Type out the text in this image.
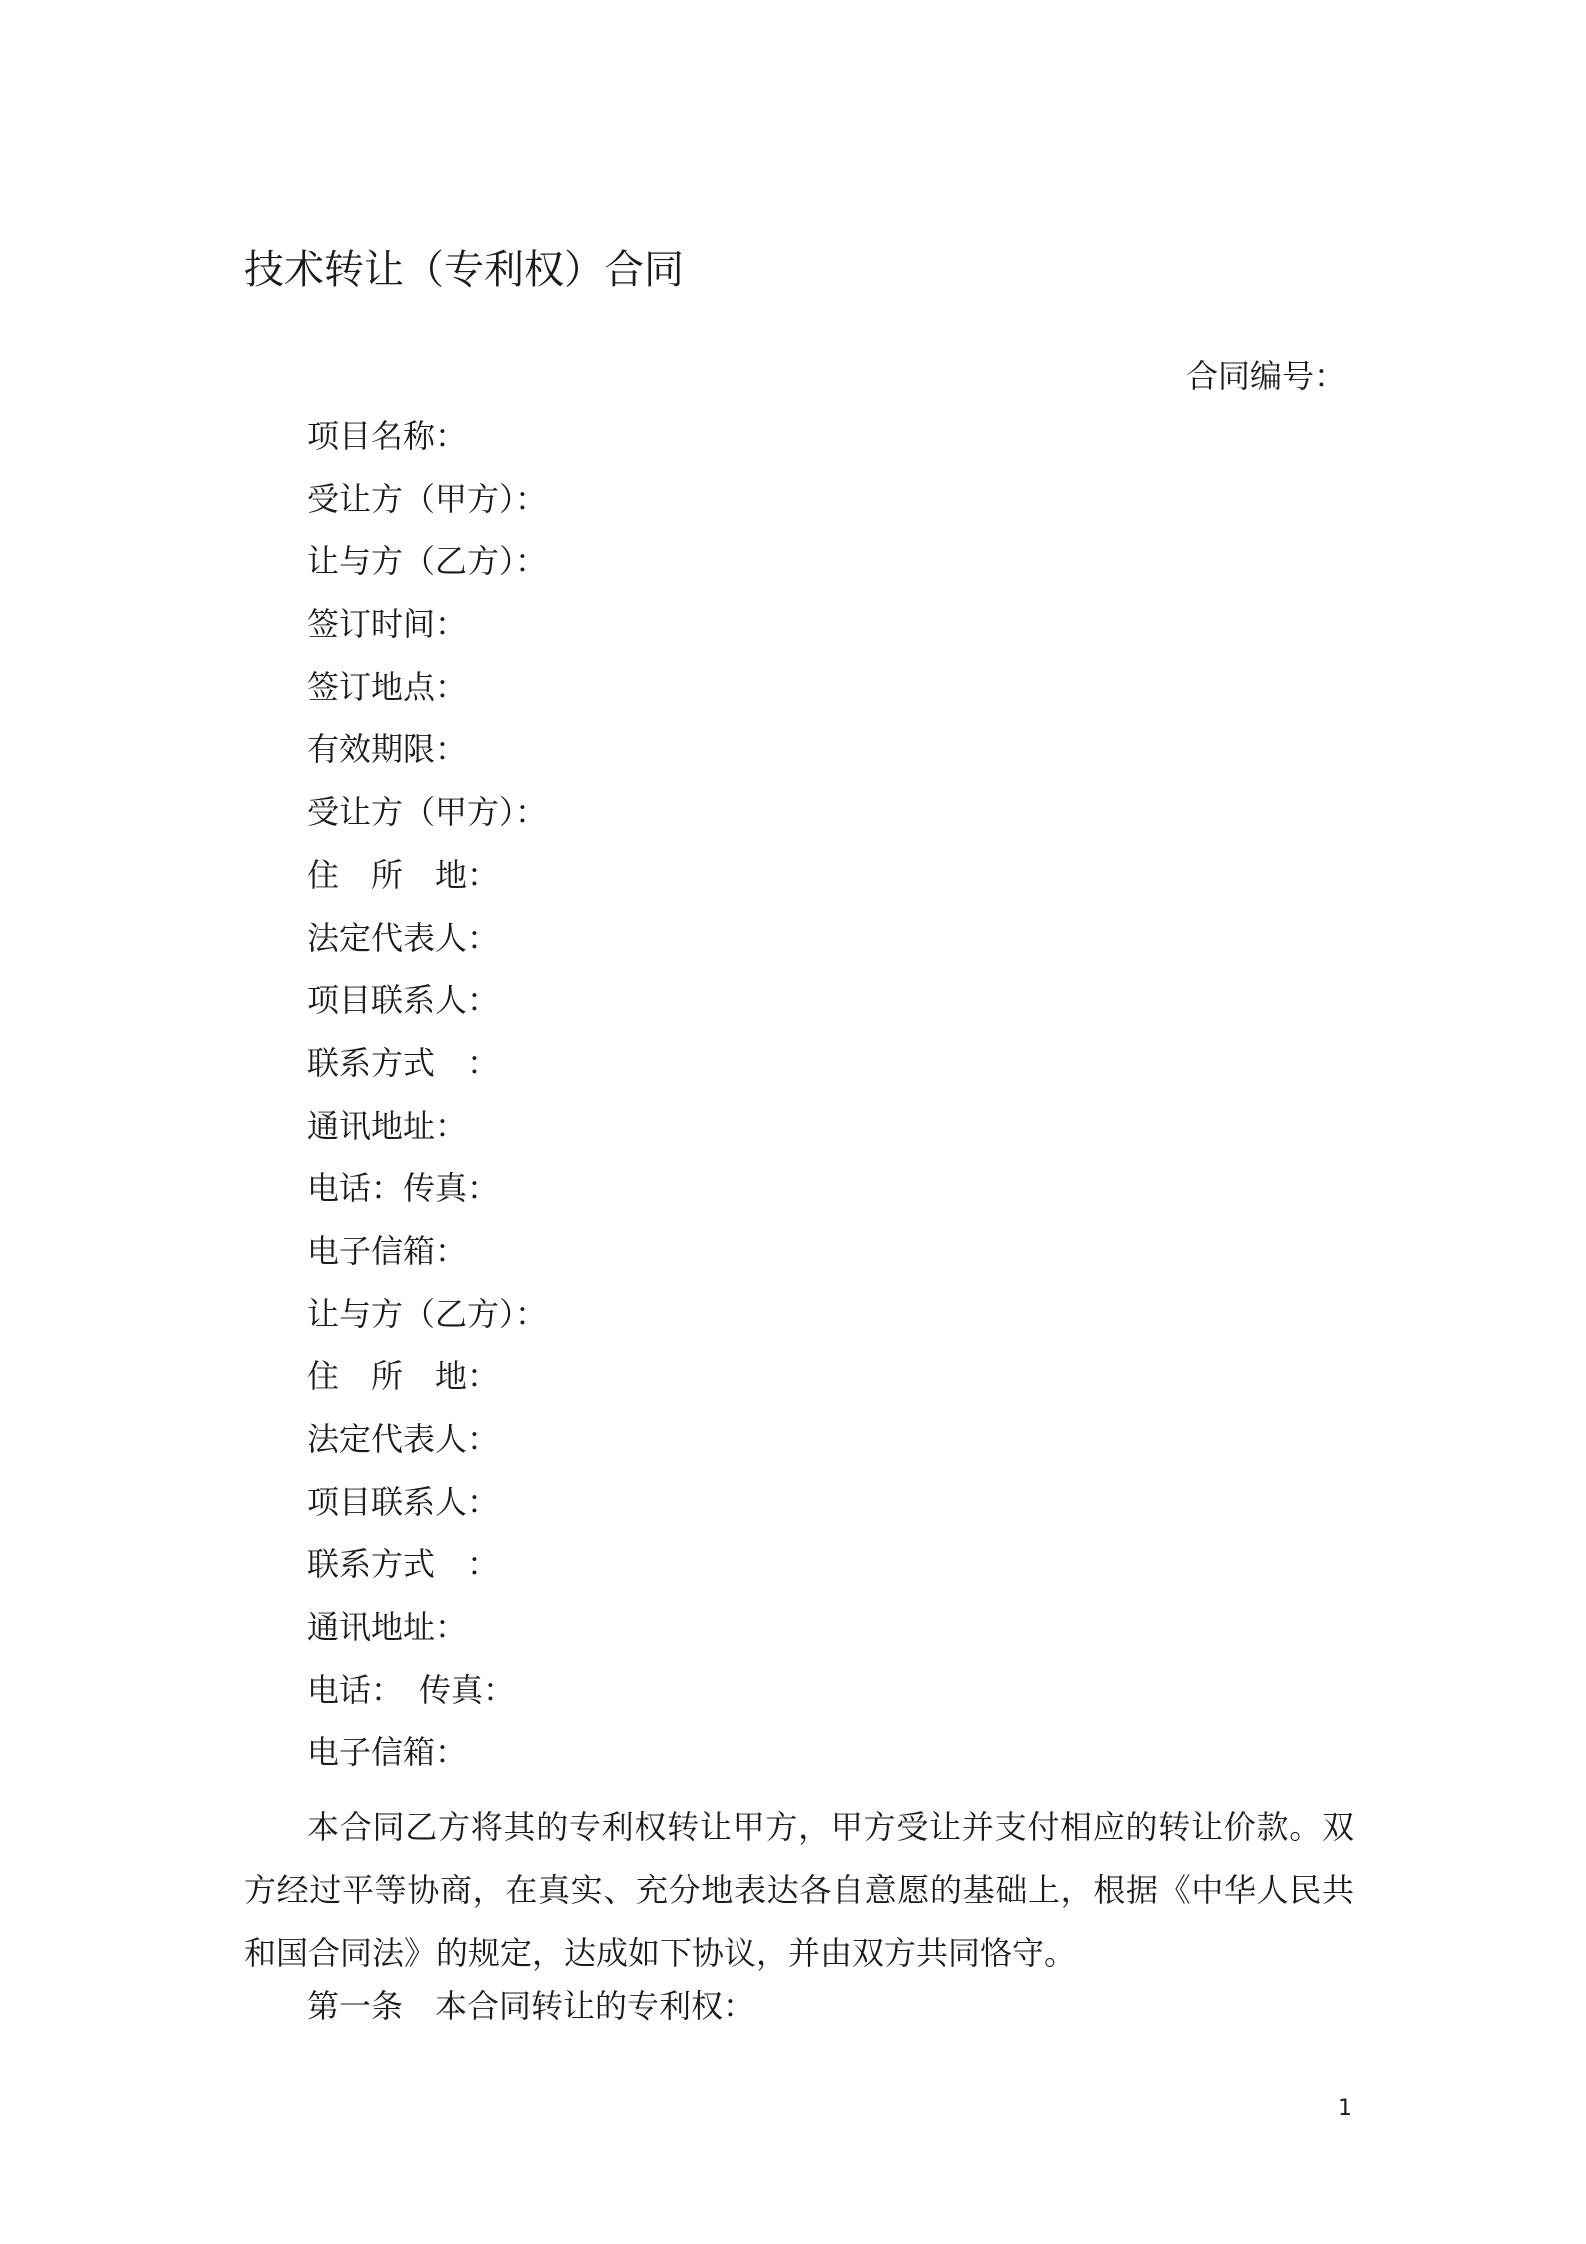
技术转让（专利权）合同
合同编号：
项目名称：
受让方（甲方）：
让与方（乙方）：
签订时间：
签订地点：
有效期限：
受让方（甲方）：
住　所　地：
法定代表人：
项目联系人：
联系方式　：
通讯地址：
电话：传真：
电子信箱：
让与方（乙方）：
住　所　地：
法定代表人：
项目联系人：
联系方式　：
通讯地址：
电话：　传真：
电子信箱：

本合同乙方将其的专利权转让甲方，甲方受让并支付相应的转让价款。双方经过平等协商，在真实、充分地表达各自意愿的基础上，根据《中华人民共和国合同法》的规定，达成如下协议，并由双方共同恪守。

第一条　本合同转让的专利权：
1
